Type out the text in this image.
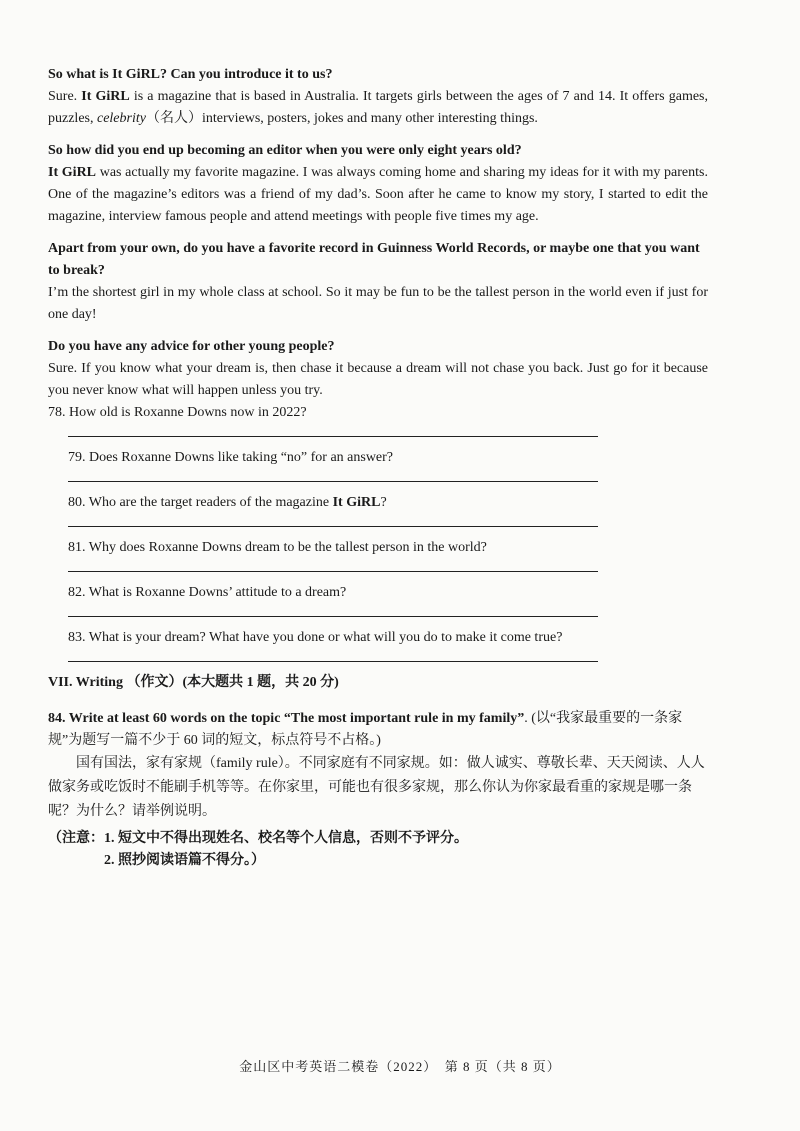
So what is It GiRL? Can you introduce it to us?

Sure. It GiRL is a magazine that is based in Australia. It targets girls between the ages of 7 and 14. It offers games, puzzles, celebrity（名人）interviews, posters, jokes and many other interesting things.

So how did you end up becoming an editor when you were only eight years old?

It GiRL was actually my favorite magazine. I was always coming home and sharing my ideas for it with my parents. One of the magazine’s editors was a friend of my dad’s. Soon after he came to know my story, I started to edit the magazine, interview famous people and attend meetings with people five times my age.

Apart from your own, do you have a favorite record in Guinness World Records, or maybe one that you want to break?

I’m the shortest girl in my whole class at school. So it may be fun to be the tallest person in the world even if just for one day!

Do you have any advice for other young people?

Sure. If you know what your dream is, then chase it because a dream will not chase you back. Just go for it because you never know what will happen unless you try.

78. How old is Roxanne Downs now in 2022?

79. Does Roxanne Downs like taking “no” for an answer?

80. Who are the target readers of the magazine It GiRL?

81. Why does Roxanne Downs dream to be the tallest person in the world?

82. What is Roxanne Downs’ attitude to a dream?

83. What is your dream? What have you done or what will you do to make it come true?

VII. Writing （作文）(本大题共 1 题，共 20 分)

84. Write at least 60 words on the topic “The most important rule in my family”. (以“我家最重要的一条家规”为题写一篇不少于 60 词的短文，标点符号不占格。)

国有国法，家有家规（family rule）。不同家庭有不同家规。如：做人诚实、尊敬长辈、天天阅读、人人做家务或吃饭时不能刷手机等等。在你家里，可能也有很多家规，那么你认为你家最看重的家规是哪一条呢？为什么？请举例说明。

（注意：1. 短文中不得出现姓名、校名等个人信息，否则不予评分。

2. 照抄阅读语篇不得分。）

金山区中考英语二模卷（2022）　第 8 页（共 8 页）
